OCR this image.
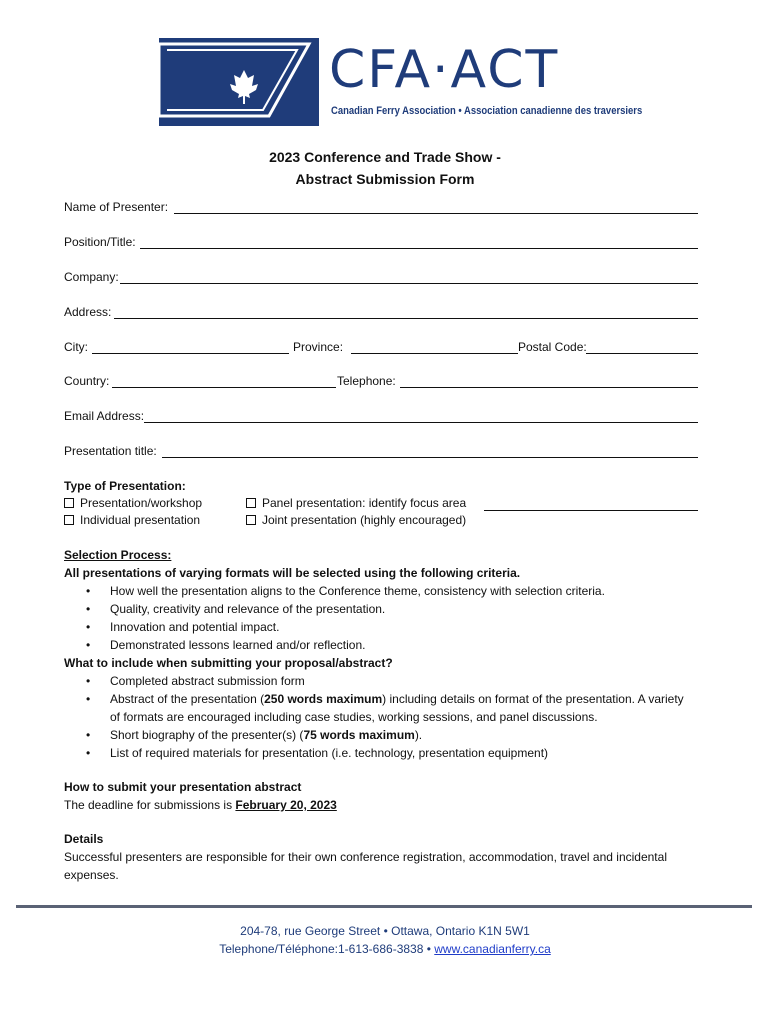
CFA·ACT
Canadian Ferry Association • Association canadienne des traversiers
2023 Conference and Trade Show -
Abstract Submission Form
Name of Presenter:
Position/Title:
Company:
Address:
City:	Province:	Postal Code:
Country:	Telephone:
Email Address:
Presentation title:
Type of Presentation:
Presentation/workshop
Individual presentation
Panel presentation: identify focus area
Joint presentation (highly encouraged)
Selection Process:
All presentations of varying formats will be selected using the following criteria.
• How well the presentation aligns to the Conference theme, consistency with selection criteria.
• Quality, creativity and relevance of the presentation.
• Innovation and potential impact.
• Demonstrated lessons learned and/or reflection.
What to include when submitting your proposal/abstract?
• Completed abstract submission form
• Abstract of the presentation (250 words maximum) including details on format of the presentation. A variety
of formats are encouraged including case studies, working sessions, and panel discussions.
• Short biography of the presenter(s) (75 words maximum).
• List of required materials for presentation (i.e. technology, presentation equipment)
How to submit your presentation abstract
The deadline for submissions is February 20, 2023
Details
Successful presenters are responsible for their own conference registration, accommodation, travel and incidental
expenses.
204-78, rue George Street • Ottawa, Ontario K1N 5W1
Telephone/Téléphone:1-613-686-3838 • www.canadianferry.ca
